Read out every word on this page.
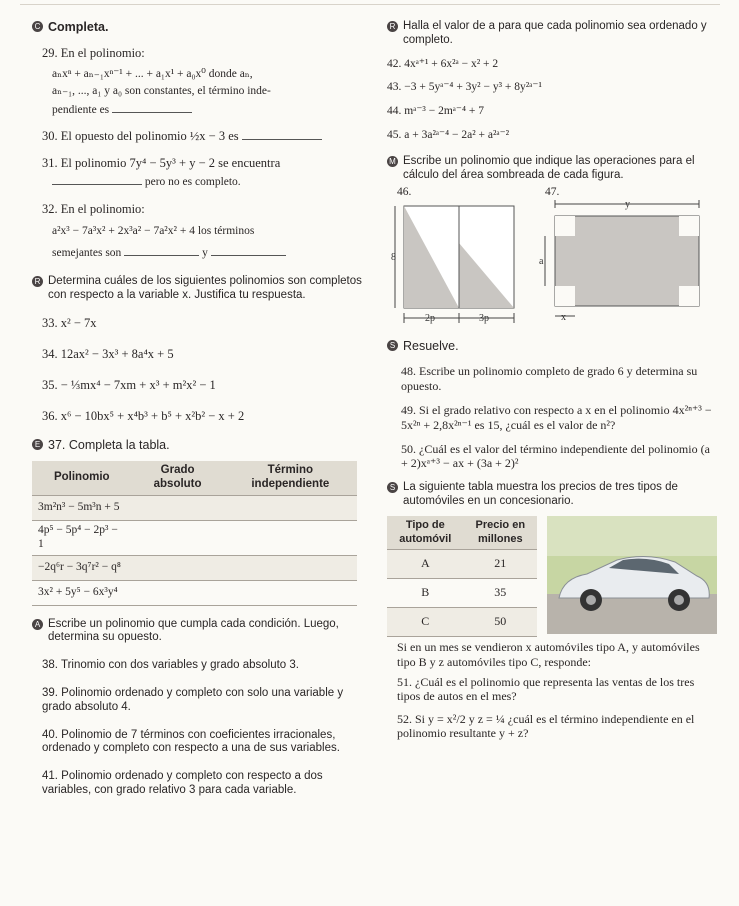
C Completa.
29. En el polinomio:
aₙxⁿ + aₙ₋₁xⁿ⁻¹ + ... + a₁x¹ + a₀x⁰ donde aₙ,
aₙ₋₁, ..., a₁ y a₀ son constantes, el término inde-
pendiente es
30. El opuesto del polinomio ½x − 3 es
31. El polinomio 7y⁴ − 5y³ + y − 2 se encuentra
pero no es completo.
32. En el polinomio:
a²x³ − 7a³x² + 2x³a² − 7a²x² + 4 los términos
semejantes son	y
R Determina cuáles de los siguientes polinomios son completos con respecto a la variable x. Justifica tu respuesta.
33. x² − 7x
34. 12ax² − 3x³ + 8a⁴x + 5
35. − ⅓mx⁴ − 7xm + x³ + m²x² − 1
36. x⁶ − 10bx⁵ + x⁴b³ + b⁵ + x²b² − x + 2
E 37. Completa la tabla.
Polinomio	Grado absoluto	Término independiente
3m²n³ − 5m³n + 5		
4p⁵ − 5p⁴ − 2p³ − 1		
−2q⁶r − 3q⁷r² − q⁸		
3x² + 5y⁵ − 6x³y⁴		
A Escribe un polinomio que cumpla cada condición. Luego, determina su opuesto.
38. Trinomio con dos variables y grado absoluto 3.
39. Polinomio ordenado y completo con solo una variable y grado absoluto 4.
40. Polinomio de 7 términos con coeficientes irracionales, ordenado y completo con respecto a una de sus variables.
41. Polinomio ordenado y completo con respecto a dos variables, con grado relativo 3 para cada variable.
R Halla el valor de a para que cada polinomio sea ordenado y completo.
42. 4xᵃ⁺¹ + 6x²ᵃ − x² + 2
43. −3 + 5yᵃ⁻⁴ + 3y² − y³ + 8y²ᵃ⁻¹
44. mᵃ⁻³ − 2mᵃ⁻⁴ + 7
45. a + 3a²ᵃ⁻⁴ − 2a² + a²ᵃ⁻²
M Escribe un polinomio que indique las operaciones para el cálculo del área sombreada de cada figura.
46.	47.
8
2p	3p
y
a
x
S Resuelve.
48. Escribe un polinomio completo de grado 6 y determina su opuesto.
49. Si el grado relativo con respecto a x en el polinomio 4x²ⁿ⁺³ − 5x²ⁿ + 2,8x²ⁿ⁻¹ es 15, ¿cuál es el valor de n²?
50. ¿Cuál es el valor del término independiente del polinomio (a + 2)xᵃ⁺³ − ax + (3a + 2)²
S La siguiente tabla muestra los precios de tres tipos de automóviles en un concesionario.
Tipo de automóvil	Precio en millones
A	21
B	35
C	50
Si en un mes se vendieron x automóviles tipo A, y automóviles tipo B y z automóviles tipo C, responde:
51. ¿Cuál es el polinomio que representa las ventas de los tres tipos de autos en el mes?
52. Si y = x²/2 y z = ¼ ¿cuál es el término independiente en el polinomio resultante y + z?
